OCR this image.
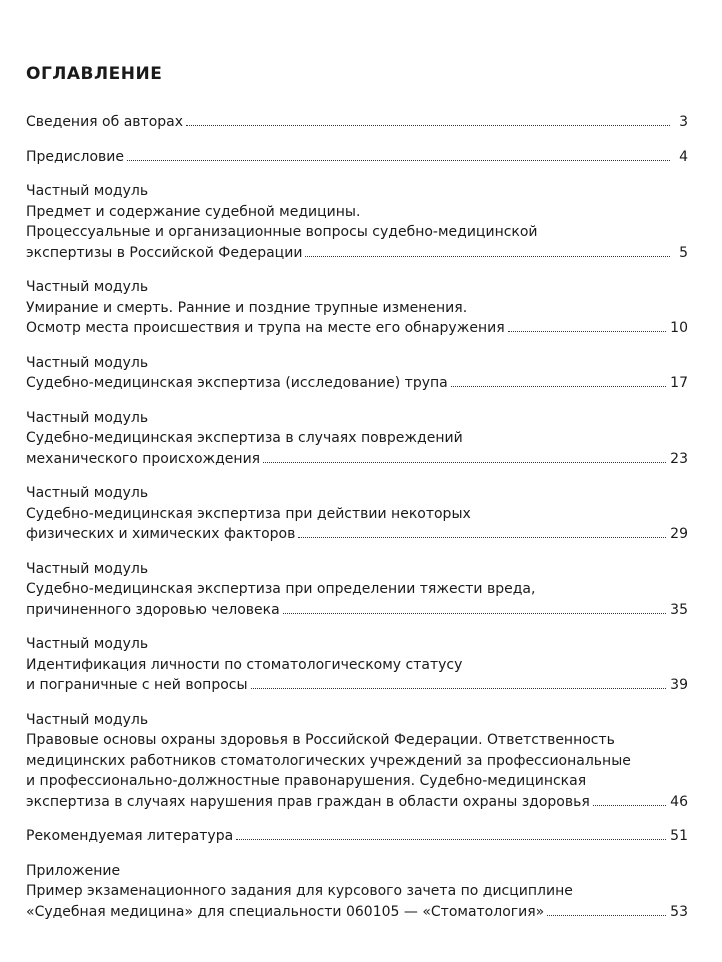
ОГЛАВЛЕНИЕ
Сведения об авторах	3
Предисловие	4
Частный модуль
Предмет и содержание судебной медицины.
Процессуальные и организационные вопросы судебно-медицинской
экспертизы в Российской Федерации	5
Частный модуль
Умирание и смерть. Ранние и поздние трупные изменения.
Осмотр места происшествия и трупа на месте его обнаружения	10
Частный модуль
Судебно-медицинская экспертиза (исследование) трупа	17
Частный модуль
Судебно-медицинская экспертиза в случаях повреждений
механического происхождения	23
Частный модуль
Судебно-медицинская экспертиза при действии некоторых
физических и химических факторов	29
Частный модуль
Судебно-медицинская экспертиза при определении тяжести вреда,
причиненного здоровью человека	35
Частный модуль
Идентификация личности по стоматологическому статусу
и пограничные с ней вопросы	39
Частный модуль
Правовые основы охраны здоровья в Российской Федерации. Ответственность
медицинских работников стоматологических учреждений за профессиональные
и профессионально-должностные правонарушения. Судебно-медицинская
экспертиза в случаях нарушения прав граждан в области охраны здоровья	46
Рекомендуемая литература	51
Приложение
Пример экзаменационного задания для курсового зачета по дисциплине
«Судебная медицина» для специальности 060105 — «Стоматология»	53
